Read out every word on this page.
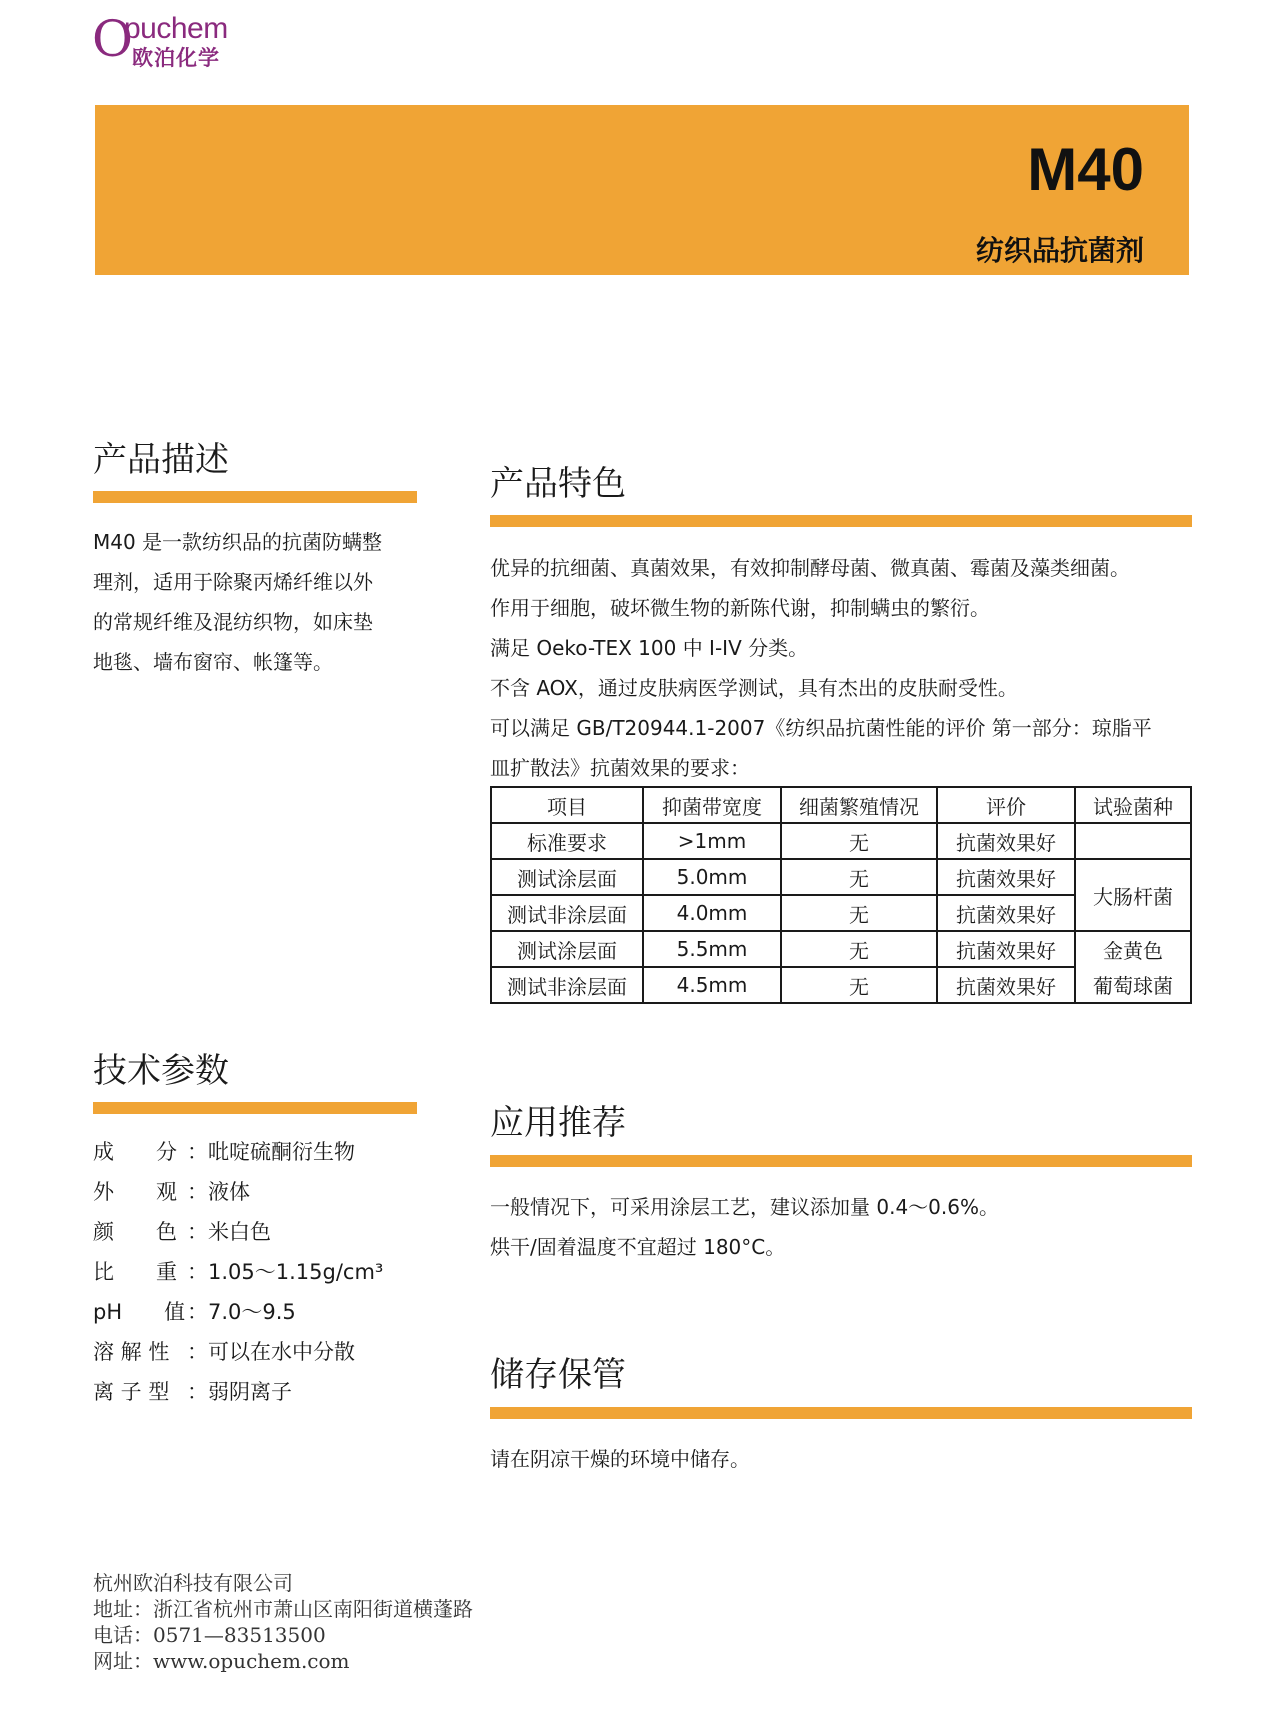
O
puchem
欧泊化学
M40
纺织品抗菌剂
产品描述
M40 是一款纺织品的抗菌防螨整
理剂，适用于除聚丙烯纤维以外
的常规纤维及混纺织物，如床垫
地毯、墙布窗帘、帐篷等。
产品特色
优异的抗细菌、真菌效果，有效抑制酵母菌、微真菌、霉菌及藻类细菌。
作用于细胞，破坏微生物的新陈代谢，抑制螨虫的繁衍。
满足 Oeko-TEX 100 中 I-IV 分类。
不含 AOX，通过皮肤病医学测试，具有杰出的皮肤耐受性。
可以满足 GB/T20944.1-2007《纺织品抗菌性能的评价 第一部分：琼脂平
皿扩散法》抗菌效果的要求：
项目	抑菌带宽度	细菌繁殖情况	评价	试验菌种
标准要求	>1mm	无	抗菌效果好	
测试涂层面	5.0mm	无	抗菌效果好	大肠杆菌
测试非涂层面	4.0mm	无	抗菌效果好	
测试涂层面	5.5mm	无	抗菌效果好	金黄色
测试非涂层面	4.5mm	无	抗菌效果好	葡萄球菌
技术参数
成　　分 ：吡啶硫酮衍生物
外　　观 ：液体
颜　　色 ：米白色
比　　重 ：1.05～1.15g/cm³
pH　　值：7.0～9.5
溶 解 性 ：可以在水中分散
离 子 型 ：弱阴离子
应用推荐
一般情况下，可采用涂层工艺，建议添加量 0.4～0.6%。
烘干/固着温度不宜超过 180°C。
储存保管
请在阴凉干燥的环境中储存。
杭州欧泊科技有限公司
地址：浙江省杭州市萧山区南阳街道横蓬路
电话：0571—83513500
网址：www.opuchem.com
